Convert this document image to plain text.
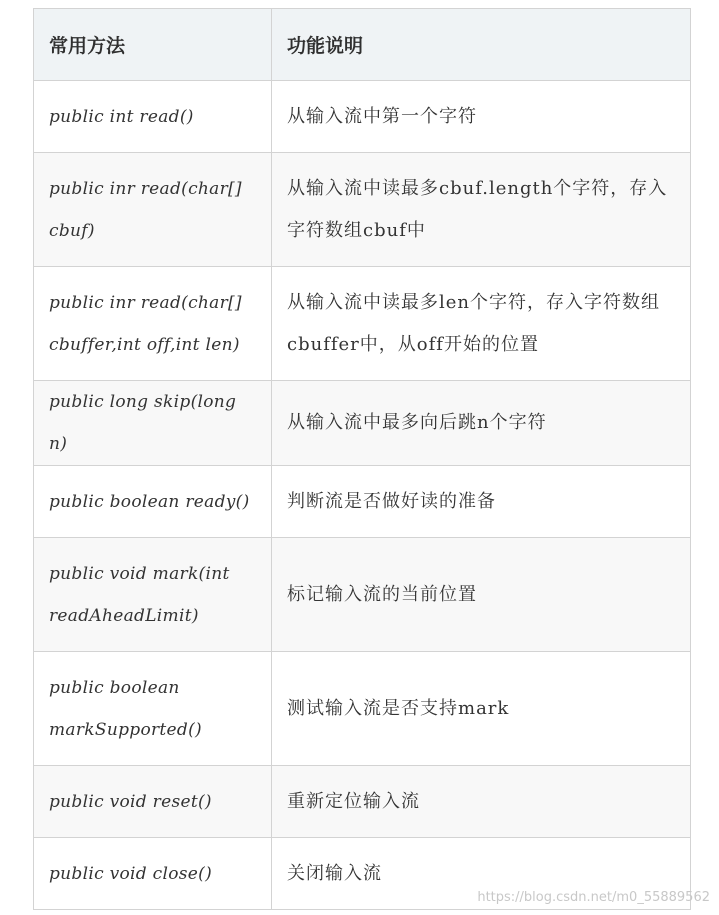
常用方法	功能说明
public int read()	从输入流中第一个字符
public inr read(char[] cbuf)	从输入流中读最多cbuf.length个字符，存入字符数组cbuf中
public inr read(char[] cbuffer,int off,int len)	从输入流中读最多len个字符，存入字符数组cbuffer中，从off开始的位置
public long skip(long n)	从输入流中最多向后跳n个字符
public boolean ready()	判断流是否做好读的准备
public void mark(int readAheadLimit)	标记输入流的当前位置
public boolean markSupported()	测试输入流是否支持mark
public void reset()	重新定位输入流
public void close()	关闭输入流
https://blog.csdn.net/m0_55889562
